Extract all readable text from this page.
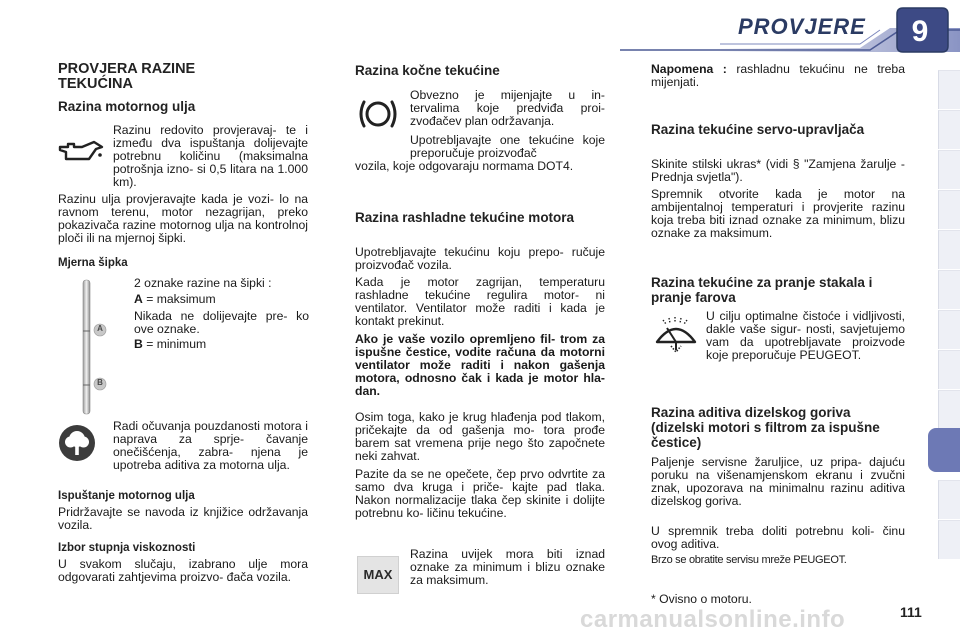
PROVJERE	9
PROVJERA RAZINE TEKUĆINA
Razina motornog ulja

Razinu redovito provjeravaj- te i između dva ispuštanja dolijevajte potrebnu količinu (maksimalna potrošnja izno- si 0,5 litara na 1.000 km).

Razinu ulja provjeravajte kada je vozi- lo na ravnom terenu, motor nezagrijan, preko pokazivača razine motornog ulja na kontrolnoj ploči ili na mjernoj šipki.

Mjerna šipka
A
B

2 oznake razine na šipki :

A = maksimum

Nikada ne dolijevajte pre- ko ove oznake.

B = minimum

Radi očuvanja pouzdanosti motora i naprava za sprje- čavanje onečišćenja, zabra- njena je upotreba aditiva za motorna ulja.

Ispuštanje motornog ulja

Pridržavajte se navoda iz knjižice održavanja vozila.

Izbor stupnja viskoznosti

U svakom slučaju, izabrano ulje mora odgovarati zahtjevima proizvo- đača vozila.

Razina kočne tekućine

Obvezno je mijenjajte u in- tervalima koje predviđa proi- zvođačev plan održavanja.

Upotrebljavajte one tekućine koje preporučuje proizvođač

vozila, koje odgovaraju normama DOT4.

Razina rashladne tekućine motora

Upotrebljavajte tekućinu koju prepo- ručuje proizvođač vozila.

Kada je motor zagrijan, temperaturu rashladne tekućine regulira motor- ni ventilator. Ventilator može raditi i kada je kontakt prekinut.

Ako je vaše vozilo opremljeno fil- trom za ispušne čestice, vodite računa da motorni ventilator može raditi i nakon gašenja motora, odnosno čak i kada je motor hla- dan.

Osim toga, kako je krug hlađenja pod tlakom, pričekajte da od gašenja mo- tora prođe barem sat vremena prije nego što započnete neki zahvat.

Pazite da se ne opečete, čep prvo odvrtite za samo dva kruga i priče- kajte pad tlaka. Nakon normalizacije tlaka čep skinite i dolijte potrebnu ko- ličinu tekućine.

MAX

Razina uvijek mora biti iznad oznake za minimum i blizu oznake za maksimum.

Napomena : rashladnu tekućinu ne treba mijenjati.

Razina tekućine servo-upravljača

Skinite stilski ukras* (vidi § "Zamjena žarulje - Prednja svjetla").

Spremnik otvorite kada je motor na ambijentalnoj temperaturi i provjerite razinu koja treba biti iznad oznake za minimum, blizu oznake za maksimum.

Razina tekućine za pranje stakala i pranje farova

U cilju optimalne čistoće i vidljivosti, dakle vaše sigur- nosti, savjetujemo vam da upotrebljavate proizvode koje preporučuje PEUGEOT.

Razina aditiva dizelskog goriva (dizelski motori s filtrom za ispušne čestice)

Paljenje servisne žaruljice, uz pripa- dajuću poruku na višenamjenskom ekranu i zvučni znak, upozorava na minimalnu razinu aditiva dizelskog goriva.

U spremnik treba doliti potrebnu koli- činu ovog aditiva.

Brzo se obratite servisu mreže PEUGEOT.

* Ovisno o motoru.

carmanualsonline.info	111
